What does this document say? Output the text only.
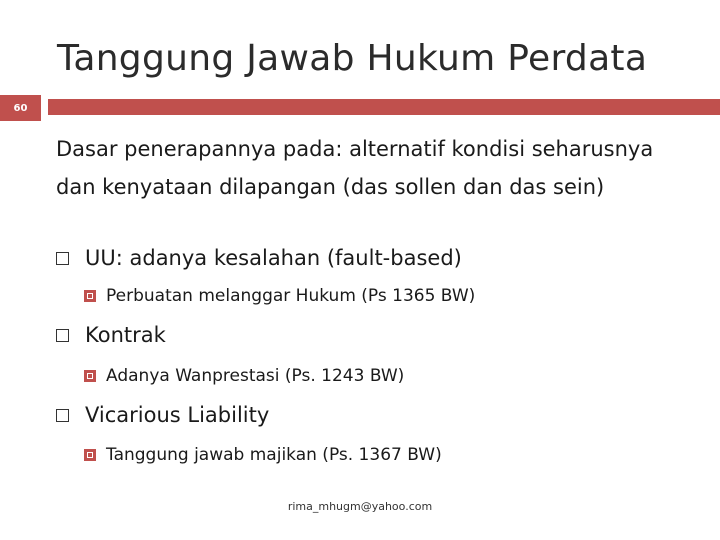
Tanggung Jawab Hukum Perdata
60
Dasar penerapannya pada: alternatif kondisi seharusnya dan kenyataan dilapangan (das sollen dan das sein)
UU: adanya kesalahan (fault-based)
Perbuatan melanggar Hukum (Ps 1365 BW)
Kontrak
Adanya Wanprestasi (Ps. 1243 BW)
Vicarious Liability
Tanggung jawab majikan (Ps. 1367 BW)
rima_mhugm@yahoo.com
